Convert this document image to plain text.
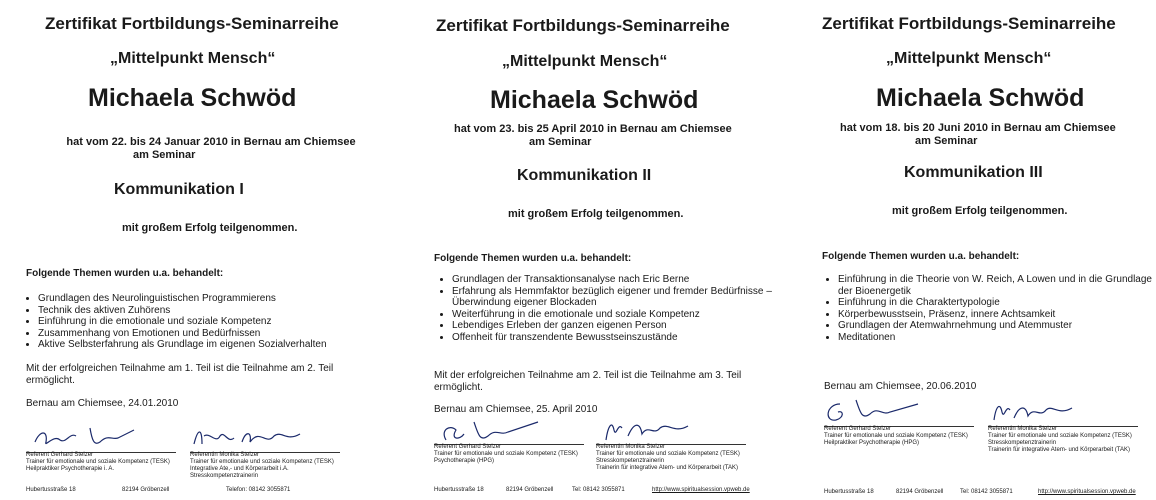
Zertifikat Fortbildungs-Seminarreihe
„Mittelpunkt Mensch“
Michaela Schwöd
hat vom 22. bis 24 Januar 2010 in Bernau am Chiemsee
am Seminar
Kommunikation I
mit großem Erfolg teilgenommen.
Folgende Themen wurden u.a. behandelt:
• Grundlagen des Neurolinguistischen Programmierens
• Technik des aktiven Zuhörens
• Einführung in die emotionale und soziale Kompetenz
• Zusammenhang von Emotionen und Bedürfnissen
• Aktive Selbsterfahrung als Grundlage im eigenen Sozialverhalten
Mit der erfolgreichen Teilnahme am 1. Teil ist die Teilnahme am 2. Teil ermöglicht.
Bernau am Chiemsee, 24.01.2010
Referent Gerhard Stelzer
Trainer für emotionale und soziale Kompetenz (TESK)
Heilpraktiker Psychotherapie i. A.
Referentin Monika Stelzer
Trainer für emotionale und soziale Kompetenz (TESK)
Integrative Ate,- und Körperarbeit i.A.
Stresskompetenztrainerin
Hubertusstraße 18	82194 Gröbenzell	Telefon: 08142 3055871
Zertifikat Fortbildungs-Seminarreihe
„Mittelpunkt Mensch“
Michaela Schwöd
hat vom 23. bis 25 April 2010 in Bernau am Chiemsee
am Seminar
Kommunikation II
mit großem Erfolg teilgenommen.
Folgende Themen wurden u.a. behandelt:
• Grundlagen der Transaktionsanalyse nach Eric Berne
• Erfahrung als Hemmfaktor bezüglich eigener und fremder Bedürfnisse – Überwindung eigener Blockaden
• Weiterführung in die emotionale und soziale Kompetenz
• Lebendiges Erleben der ganzen eigenen Person
• Offenheit für transzendente Bewusstseinszustände
Mit der erfolgreichen Teilnahme am 2. Teil ist die Teilnahme am 3. Teil ermöglicht.
Bernau am Chiemsee, 25. April 2010
Referent Gerhard Stelzer
Trainer für emotionale und soziale Kompetenz (TESK)
Psychotherapie (HPG)
Referentin Monika Stelzer
Trainer für emotionale und soziale Kompetenz (TESK)
Stresskompetenztrainerin
Trainerin für integrative Atem- und Körperarbeit (TAK)
Hubertusstraße 18	82194 Gröbenzell	Tel: 08142 3055871	http://www.spiritualsession.vpweb.de
Zertifikat Fortbildungs-Seminarreihe
„Mittelpunkt Mensch“
Michaela Schwöd
hat vom 18. bis 20 Juni 2010 in Bernau am Chiemsee
am Seminar
Kommunikation III
mit großem Erfolg teilgenommen.
Folgende Themen wurden u.a. behandelt:
• Einführung in die Theorie von W. Reich, A Lowen und in die Grundlage der Bioenergetik
• Einführung in die Charaktertypologie
• Körperbewusstsein, Präsenz, innere Achtsamkeit
• Grundlagen der Atemwahrnehmung und Atemmuster
• Meditationen
Bernau am Chiemsee, 20.06.2010
Referent Gerhard Stelzer
Trainer für emotionale und soziale Kompetenz (TESK)
Heilpraktiker Psychotherapie (HPG)
Referentin Monika Stelzer
Trainer für emotionale und soziale Kompetenz (TESK)
Stresskompetenztrainerin
Trainerin für integrative Atem- und Körperarbeit (TAK)
Hubertusstraße 18	82194 Gröbenzell	Tel: 08142 3055871	http://www.spiritualsession.vpweb.de
